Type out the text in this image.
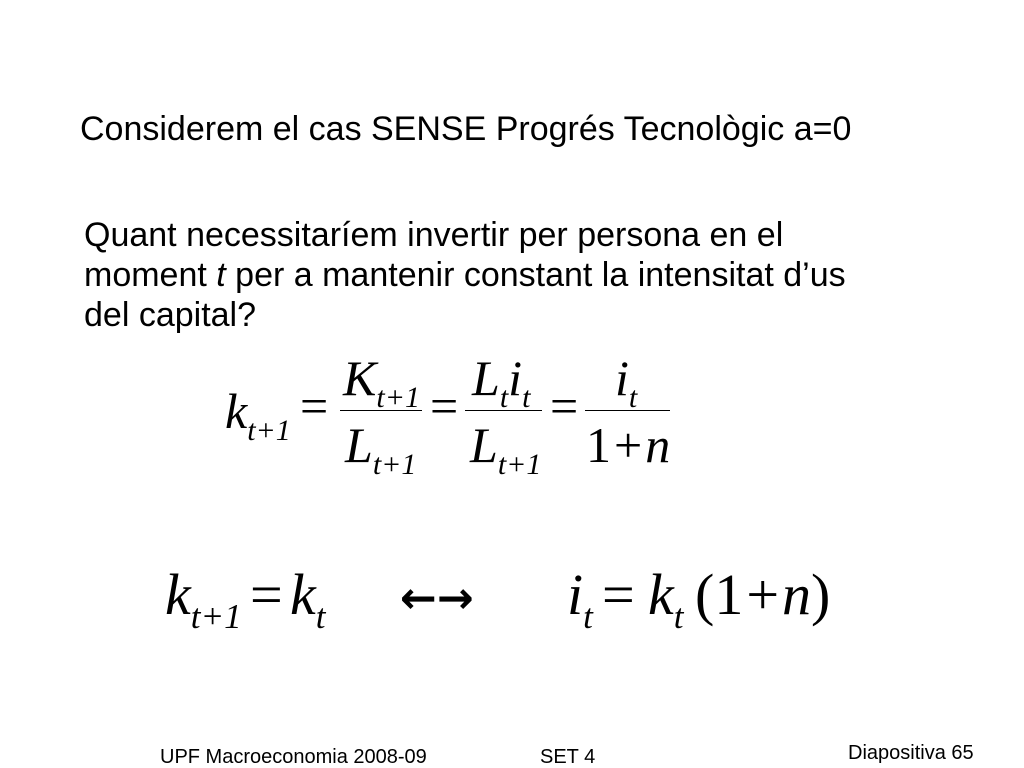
Considerem el cas SENSE Progrés Tecnològic a=0
Quant necessitaríem invertir per persona en el
moment t per a mantenir constant la intensitat d’us
del capital?
$k_{t+1} = K_{t+1}$
$L_{t+1}$
= $L_ti_t$
$L_{t+1}$
= $i_t$
1+n
$k_{t+1} = k_t$ ←→ $i_t = k_t$ (1+n)
UPF Macroeconomia 2008-09	SET 4	Diapositiva 65
